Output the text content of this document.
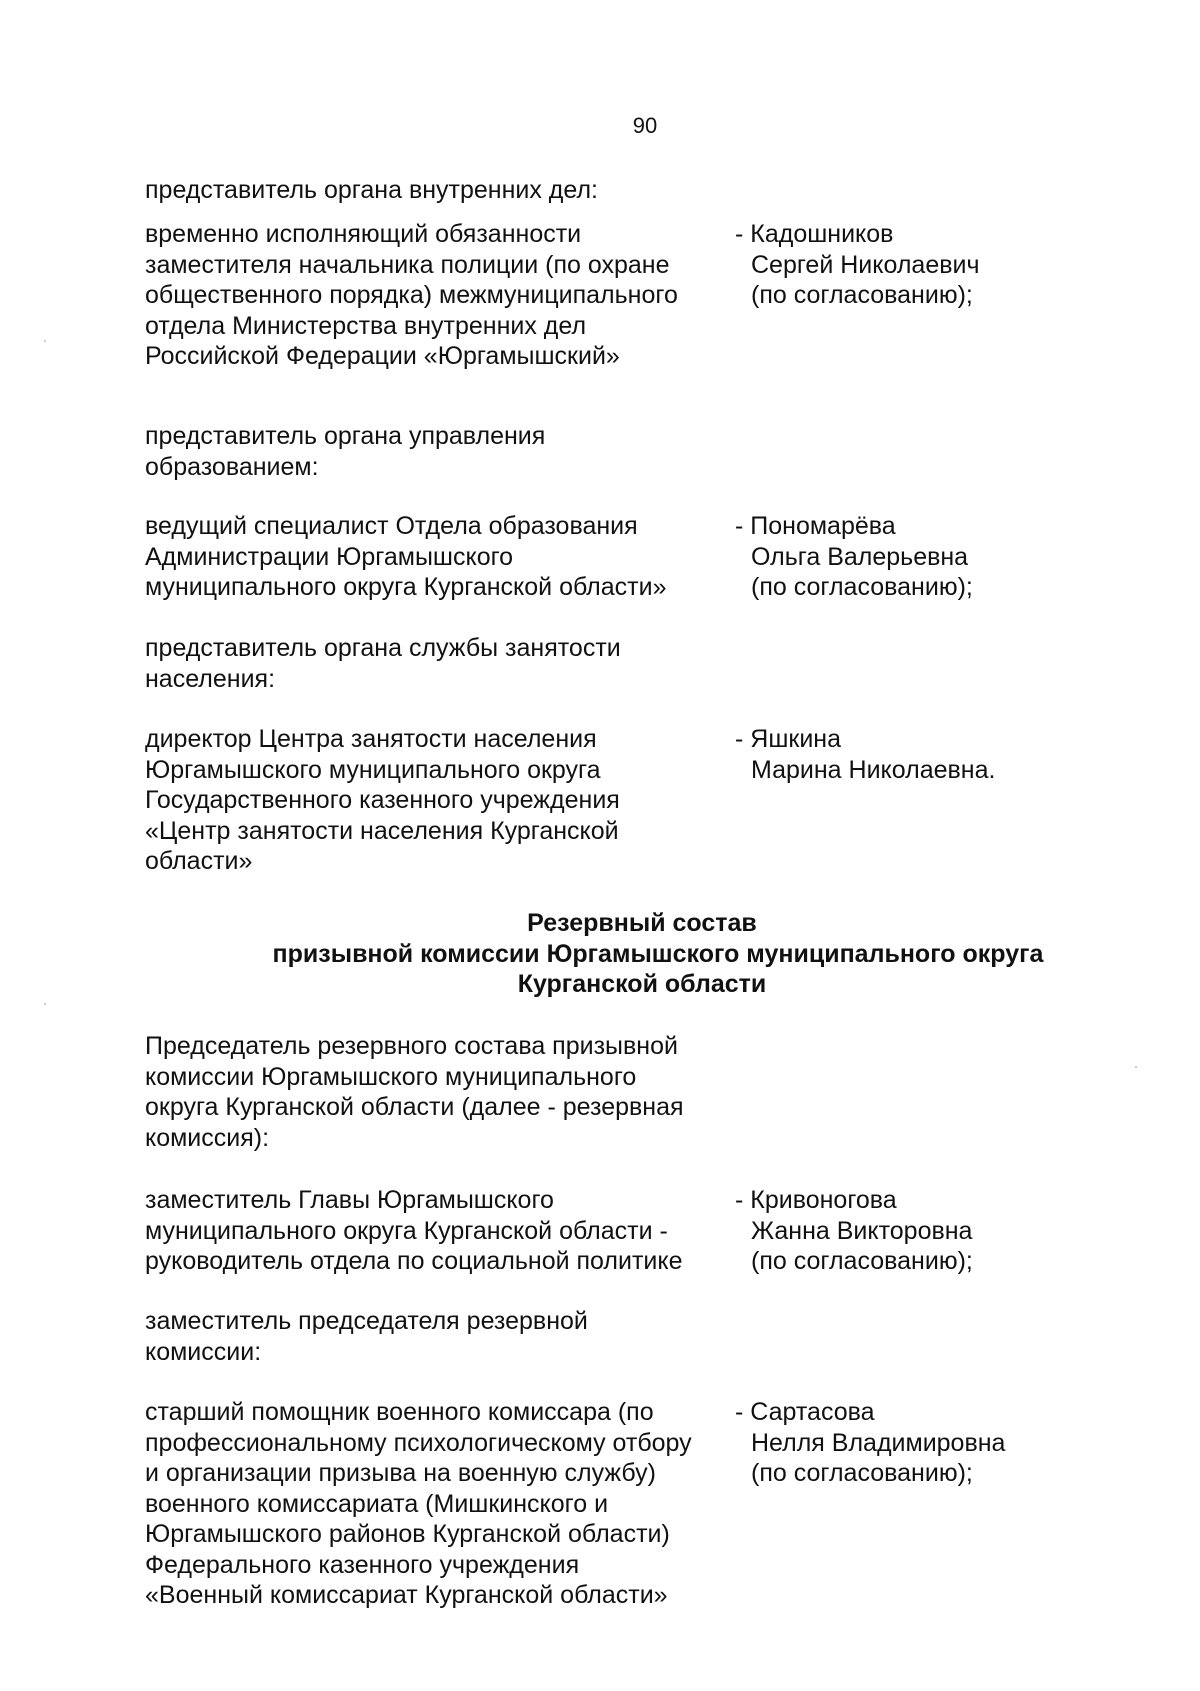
90
представитель органа внутренних дел:
временно исполняющий обязанности
заместителя начальника полиции (по охране
общественного порядка) межмуниципального
отдела Министерства внутренних дел
Российской Федерации «Юргамышский»
- Кадошников
Сергей Николаевич
(по согласованию);
представитель органа управления
образованием:
ведущий специалист Отдела образования
Администрации Юргамышского
муниципального округа Курганской области»
- Пономарёва
Ольга Валерьевна
(по согласованию);
представитель органа службы занятости
населения:
директор Центра занятости населения
Юргамышского муниципального округа
Государственного казенного учреждения
«Центр занятости населения Курганской
области»
- Яшкина
Марина Николаевна.
Резервный состав
призывной комиссии Юргамышского муниципального округа
Курганской области
Председатель резервного состава призывной
комиссии Юргамышского муниципального
округа Курганской области (далее - резервная
комиссия):
заместитель Главы Юргамышского
муниципального округа Курганской области -
руководитель отдела по социальной политике
- Кривоногова
Жанна Викторовна
(по согласованию);
заместитель председателя резервной
комиссии:
старший помощник военного комиссара (по
профессиональному психологическому отбору
и организации призыва на военную службу)
военного комиссариата (Мишкинского и
Юргамышского районов Курганской области)
Федерального казенного учреждения
«Военный комиссариат Курганской области»
- Сартасова
Нелля Владимировна
(по согласованию);
